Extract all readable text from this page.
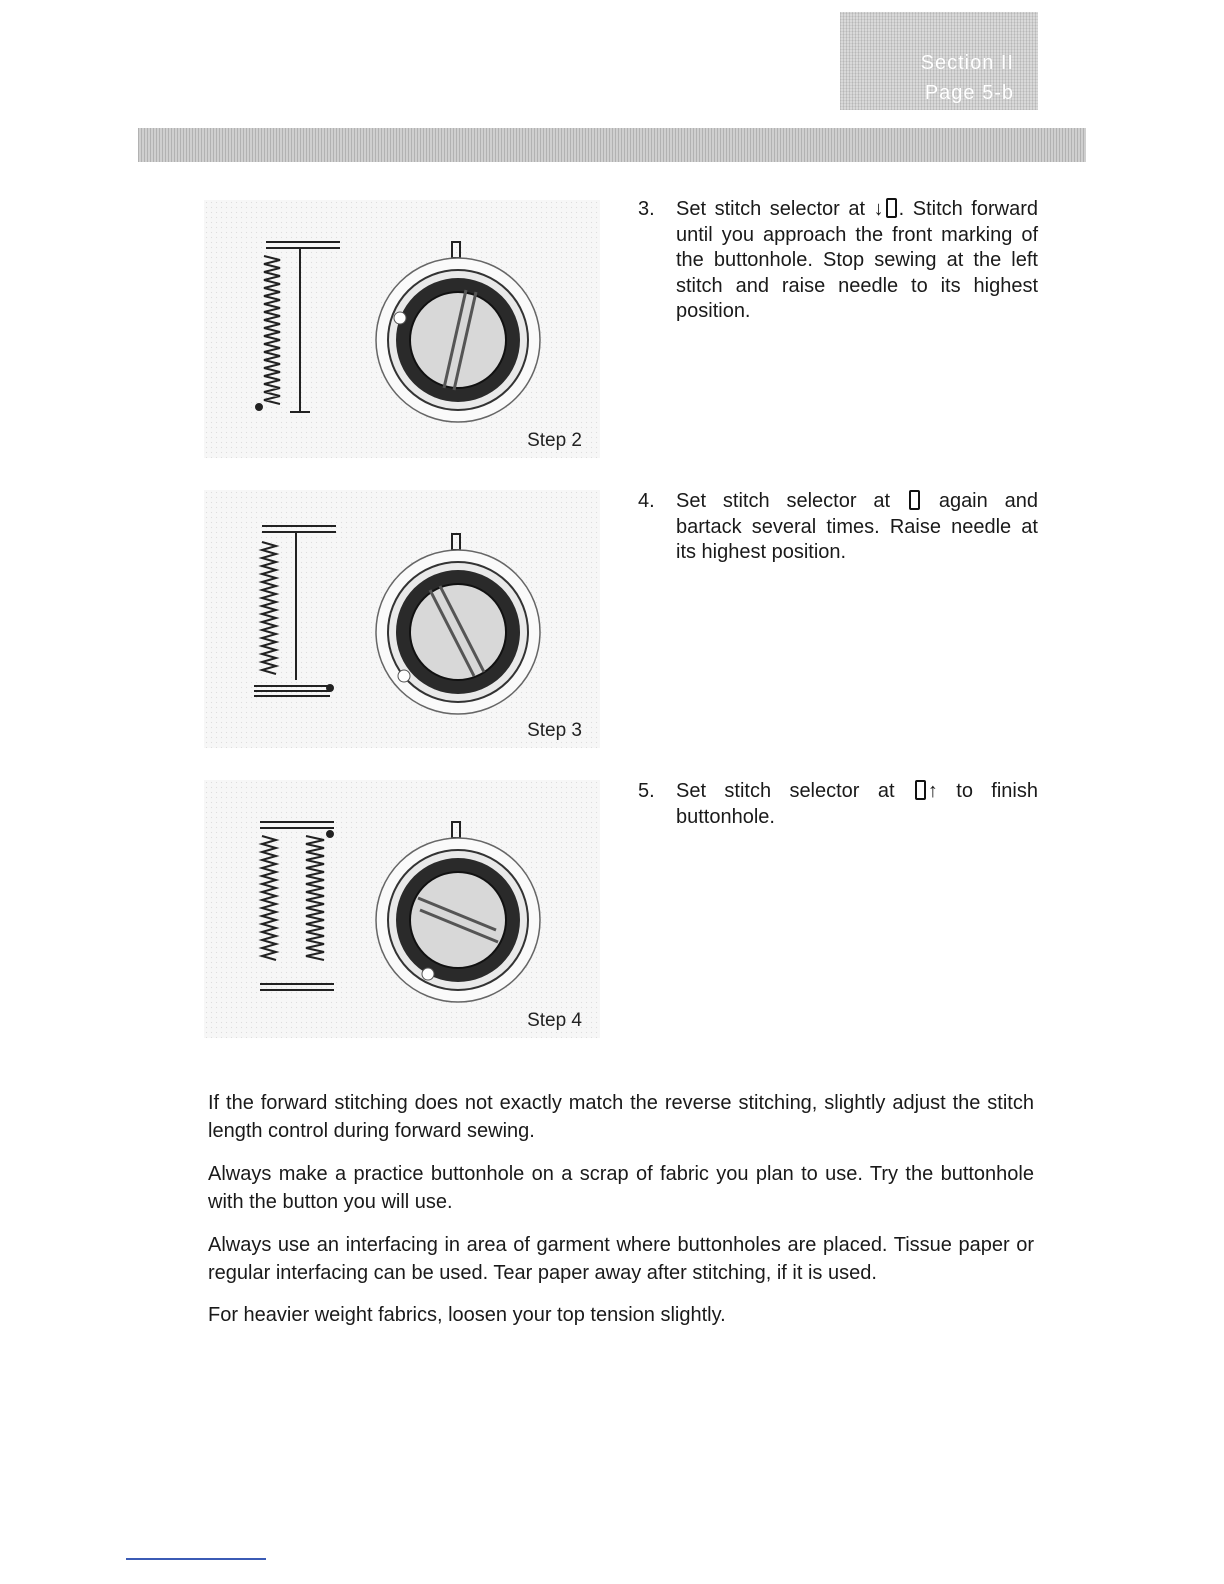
Section II
Page 5-b
Step 2
Step 3
Step 4
3. Set stitch selector at ↓ . Stitch forward until you approach the front marking of the buttonhole. Stop sewing at the left stitch and raise needle to its highest position.
4. Set stitch selector at  again and bartack several times. Raise needle at its highest position.
5. Set stitch selector at ↑ to finish buttonhole.
If the forward stitching does not exactly match the reverse stitching, slightly adjust the stitch length control during forward sewing.
Always make a practice buttonhole on a scrap of fabric you plan to use. Try the buttonhole with the button you will use.
Always use an interfacing in area of garment where buttonholes are placed. Tissue paper or regular interfacing can be used. Tear paper away after stitching, if it is used.
For heavier weight fabrics, loosen your top tension slightly.
